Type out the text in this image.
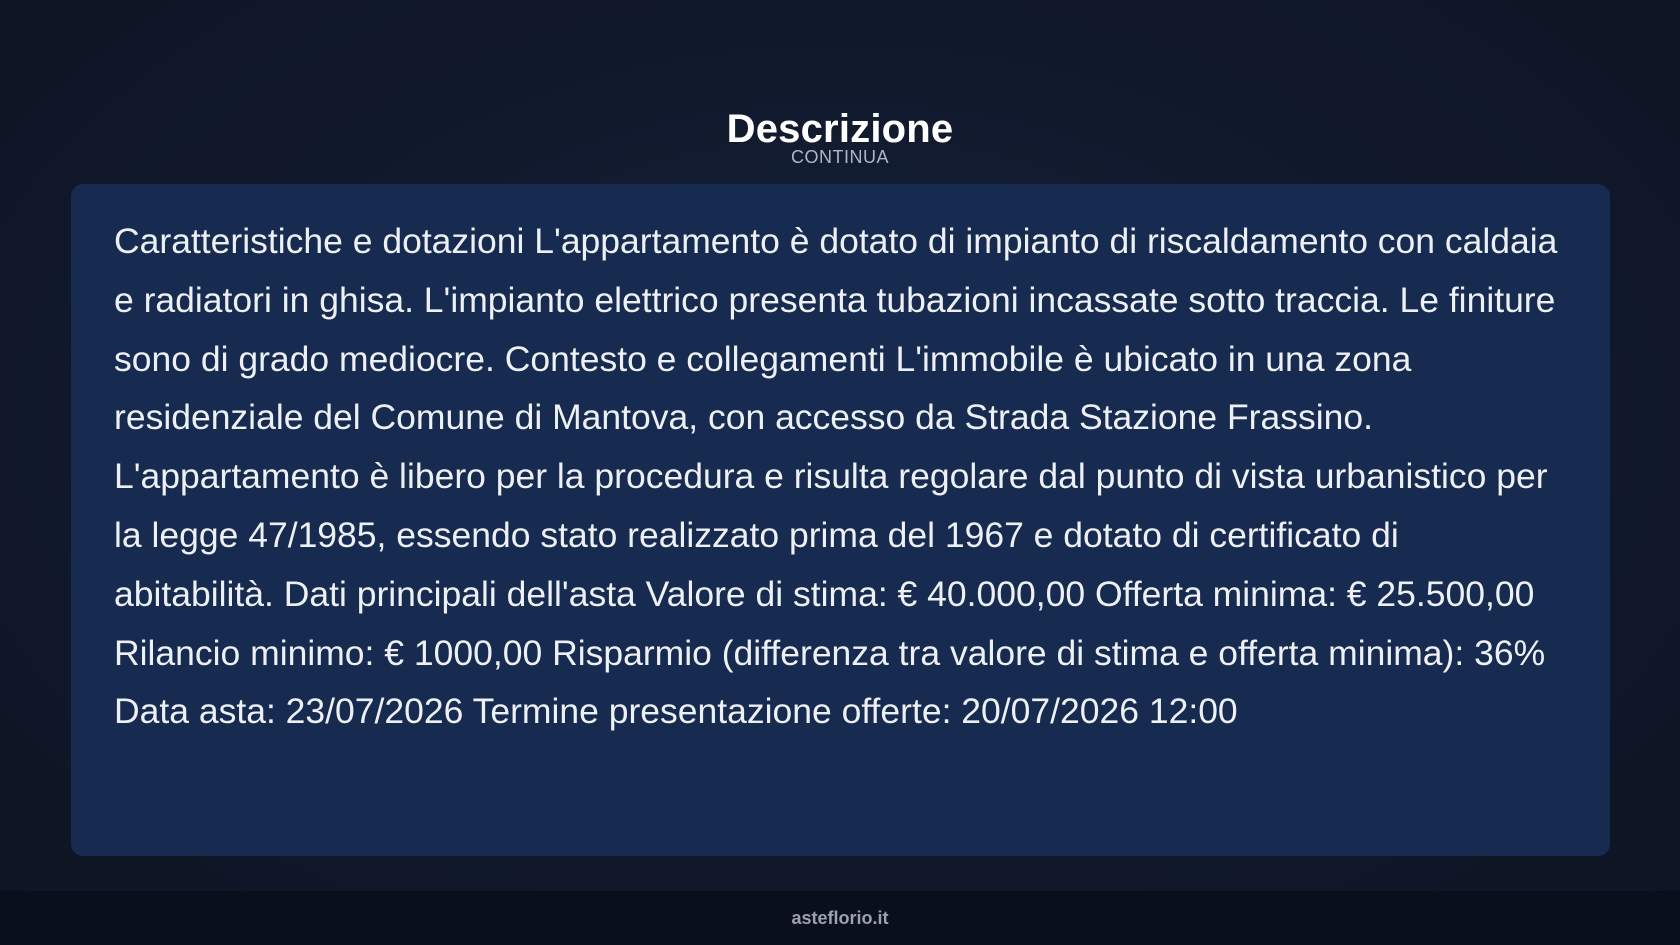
Descrizione
CONTINUA

Caratteristiche e dotazioni L'appartamento è dotato di impianto di riscaldamento con caldaia e radiatori in ghisa. L'impianto elettrico presenta tubazioni incassate sotto traccia. Le finiture sono di grado mediocre. Contesto e collegamenti L'immobile è ubicato in una zona residenziale del Comune di Mantova, con accesso da Strada Stazione Frassino. L'appartamento è libero per la procedura e risulta regolare dal punto di vista urbanistico per la legge 47/1985, essendo stato realizzato prima del 1967 e dotato di certificato di abitabilità. Dati principali dell'asta Valore di stima: € 40.000,00 Offerta minima: € 25.500,00 Rilancio minimo: € 1000,00 Risparmio (differenza tra valore di stima e offerta minima): 36% Data asta: 23/07/2026 Termine presentazione offerte: 20/07/2026 12:00

asteflorio.it
